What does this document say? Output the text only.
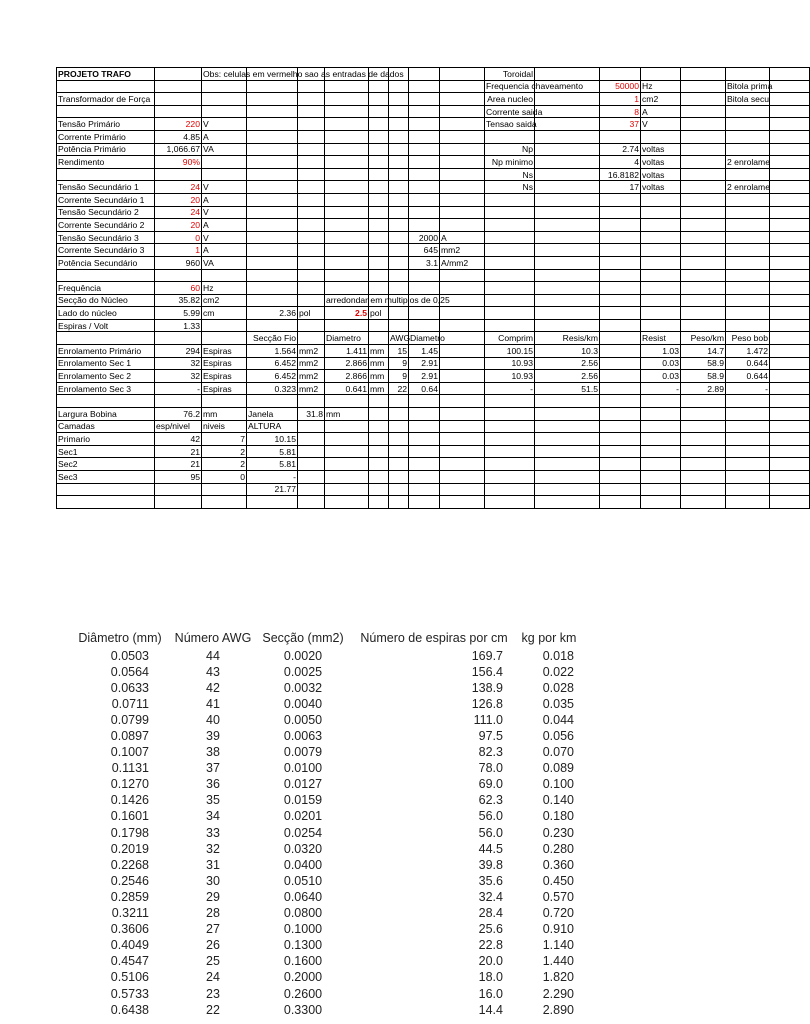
PROJETO TRAFO		Obs: celulas em vermelho sao as entradas de dados								Toroidal						
										Frequencia chaveamento		50000	Hz		Bitola prima	
Transformador de Força										Area nucleo		1	cm2		Bitola secu	
										Corrente saida		8	A			
Tensão Primário	220	V								Tensao saida		37	V			
Corrente Primário	4.85	A														
Potência Primário	1,066.67	VA								Np		2.74	voltas			
Rendimento	90%									Np minimo		4	voltas		2 enrolame	
										Ns		16.8182	voltas			
Tensão Secundário 1	24	V								Ns		17	voltas		2 enrolame	
Corrente Secundário 1	20	A														
Tensão Secundário 2	24	V														
Corrente Secundário 2	20	A														
Tensão Secundário 3	0	V						2000	A							
Corrente Secundário 3	1	A						645	mm2							
Potência Secundário	960	VA						3.1	A/mm2							

Frequência	60	Hz														
Secção do Núcleo	35.82	cm2			arredondar em multiplos de 0,25											
Lado do núcleo	5.99	cm	2.36	pol	2.5	pol										
Espiras / Volt	1.33															
			Secção Fio		Diametro		AWG	Diametro		Comprim	Resis/km		Resist	Peso/km	Peso bob	
Enrolamento Primário	294	Espiras	1.564	mm2	1.411	mm	15	1.45		100.15	10.3		1.03	14.7	1.472	
Enrolamento Sec 1	32	Espiras	6.452	mm2	2.866	mm	9	2.91		10.93	2.56		0.03	58.9	0.644	
Enrolamento Sec 2	32	Espiras	6.452	mm2	2.866	mm	9	2.91		10.93	2.56		0.03	58.9	0.644	
Enrolamento Sec 3	-	Espiras	0.323	mm2	0.641	mm	22	0.64		-	51.5		-	2.89	-	

Largura Bobina	76.2	mm	Janela	31.8	mm											
Camadas	esp/nivel	niveis	ALTURA													
Primario	42	7	10.15													
Sec1	21	2	5.81													
Sec2	21	2	5.81													
Sec3	95	0	-													
			21.77													

Diâmetro (mm)	Número AWG	Secção (mm2)	Número de espiras por cm	kg por km
0.0503	44	0.0020	169.7	0.018
0.0564	43	0.0025	156.4	0.022
0.0633	42	0.0032	138.9	0.028
0.0711	41	0.0040	126.8	0.035
0.0799	40	0.0050	111.0	0.044
0.0897	39	0.0063	97.5	0.056
0.1007	38	0.0079	82.3	0.070
0.1131	37	0.0100	78.0	0.089
0.1270	36	0.0127	69.0	0.100
0.1426	35	0.0159	62.3	0.140
0.1601	34	0.0201	56.0	0.180
0.1798	33	0.0254	56.0	0.230
0.2019	32	0.0320	44.5	0.280
0.2268	31	0.0400	39.8	0.360
0.2546	30	0.0510	35.6	0.450
0.2859	29	0.0640	32.4	0.570
0.3211	28	0.0800	28.4	0.720
0.3606	27	0.1000	25.6	0.910
0.4049	26	0.1300	22.8	1.140
0.4547	25	0.1600	20.0	1.440
0.5106	24	0.2000	18.0	1.820
0.5733	23	0.2600	16.0	2.290
0.6438	22	0.3300	14.4	2.890
